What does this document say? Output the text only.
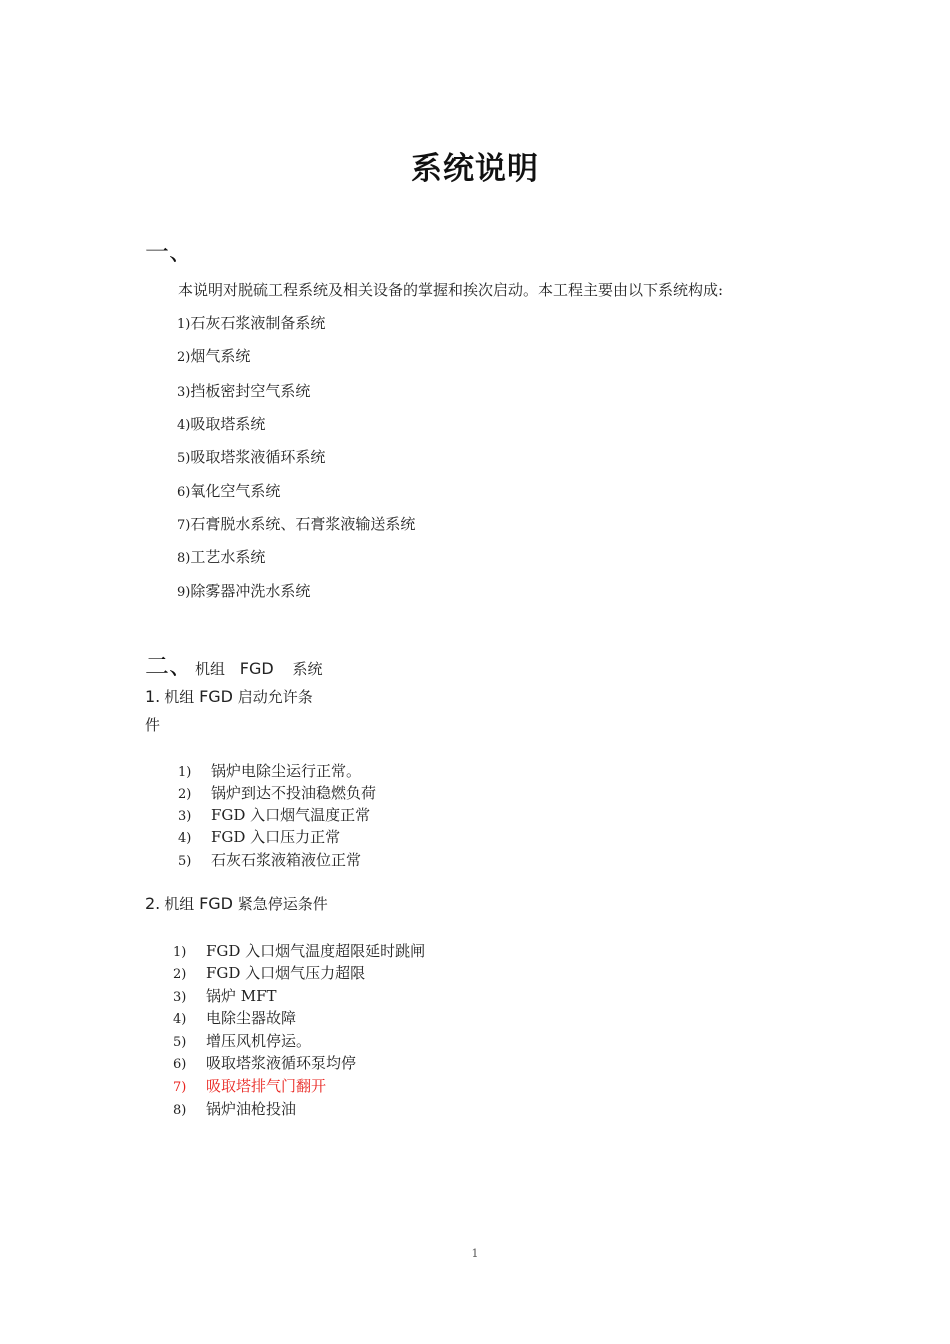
系统说明
一、
本说明对脱硫工程系统及相关设备的掌握和挨次启动。本工程主要由以下系统构成:
1)石灰石浆液制备系统
2)烟气系统
3)挡板密封空气系统
4)吸取塔系统
5)吸取塔浆液循环系统
6)氧化空气系统
7)石膏脱水系统、石膏浆液输送系统
8)工艺水系统
9)除雾器冲洗水系统
二、 机组 FGD 系统
1. 机组 FGD 启动允许条
件
1) 锅炉电除尘运行正常。
2) 锅炉到达不投油稳燃负荷
3) FGD 入口烟气温度正常
4) FGD 入口压力正常
5) 石灰石浆液箱液位正常
2. 机组 FGD 紧急停运条件
1) FGD 入口烟气温度超限延时跳闸
2) FGD 入口烟气压力超限
3) 锅炉 MFT
4) 电除尘器故障
5) 增压风机停运。
6) 吸取塔浆液循环泵均停
7) 吸取塔排气门翻开
8) 锅炉油枪投油
1
